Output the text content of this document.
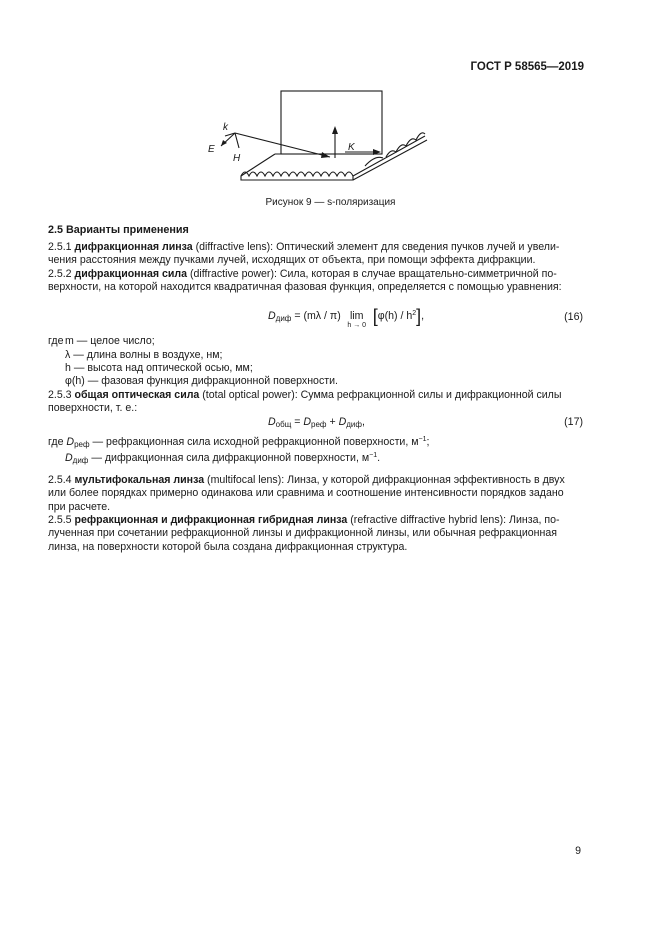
ГОСТ Р 58565—2019
k
E
H
K
Рисунок 9 — s-поляризация
2.5 Варианты применения
2.5.1 дифракционная линза (diffractive lens): Оптический элемент для сведения пучков лучей и увели-
чения расстояния между пучками лучей, исходящих от объекта, при помощи эффекта дифракции.
2.5.2 дифракционная сила (diffractive power): Сила, которая в случае вращательно-симметричной по-
верхности, на которой находится квадратичная фазовая функция, определяется с помощью уравнения:
$D_{диф} = (m\lambda / \pi)$ lim
h → 0 $[\varphi(h) / h^2]$,	(16)
где m — целое число;
λ — длина волны в воздухе, нм;
h — высота над оптической осью, мм;
φ(h) — фазовая функция дифракционной поверхности.
2.5.3 общая оптическая сила (total optical power): Сумма рефракционной силы и дифракционной силы
поверхности, т. е.:
$D_{общ} = D_{реф} + D_{диф}$,	(17)
где $D_{реф}$ — рефракционная сила исходной рефракционной поверхности, $м^{-1}$;
$D_{диф}$ — дифракционная сила дифракционной поверхности, $м^{-1}$.
2.5.4 мультифокальная линза (multifocal lens): Линза, у которой дифракционная эффективность в двух
или более порядках примерно одинакова или сравнима и соотношение интенсивности порядков задано
при расчете.
2.5.5 рефракционная и дифракционная гибридная линза (refractive diffractive hybrid lens): Линза, по-
лученная при сочетании рефракционной линзы и дифракционной линзы, или обычная рефракционная
линза, на поверхности которой была создана дифракционная структура.
9
